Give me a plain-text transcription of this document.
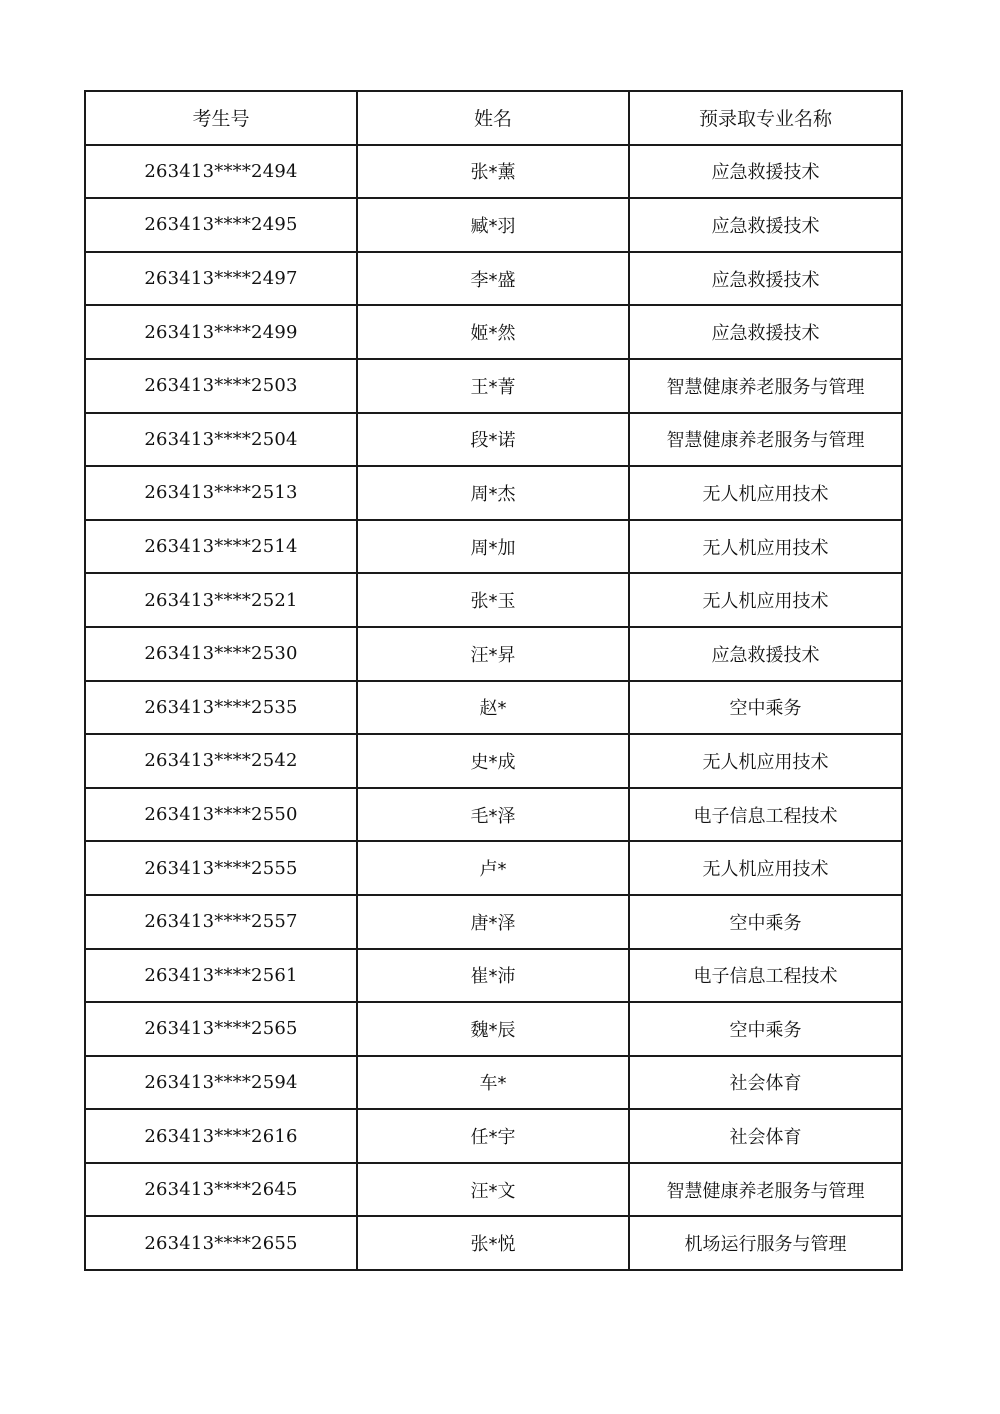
考生号	姓名	预录取专业名称
263413****2494	张*薰	应急救援技术
263413****2495	臧*羽	应急救援技术
263413****2497	李*盛	应急救援技术
263413****2499	姬*然	应急救援技术
263413****2503	王*菁	智慧健康养老服务与管理
263413****2504	段*诺	智慧健康养老服务与管理
263413****2513	周*杰	无人机应用技术
263413****2514	周*加	无人机应用技术
263413****2521	张*玉	无人机应用技术
263413****2530	汪*昇	应急救援技术
263413****2535	赵*	空中乘务
263413****2542	史*成	无人机应用技术
263413****2550	毛*泽	电子信息工程技术
263413****2555	卢*	无人机应用技术
263413****2557	唐*泽	空中乘务
263413****2561	崔*沛	电子信息工程技术
263413****2565	魏*辰	空中乘务
263413****2594	车*	社会体育
263413****2616	任*宇	社会体育
263413****2645	汪*文	智慧健康养老服务与管理
263413****2655	张*悦	机场运行服务与管理
